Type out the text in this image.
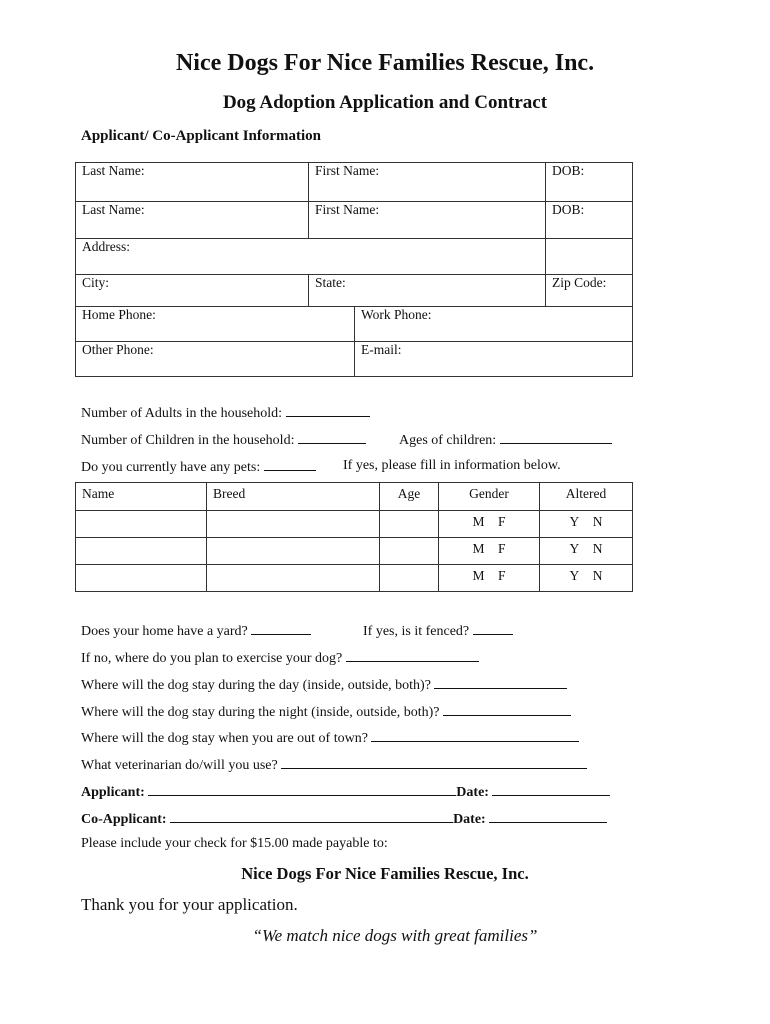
Nice Dogs For Nice Families Rescue, Inc.
Dog Adoption Application and Contract
Applicant/ Co-Applicant Information
Last Name:	First Name:	DOB:
Last Name:	First Name:	DOB:
Address:		
City:	State:	Zip Code:
Home Phone:	Work Phone:
Other Phone:	E-mail:
Number of Adults in the household:
Number of Children in the household:	Ages of children:
Do you currently have any pets:	If yes, please fill in information below.
Name	Breed	Age	Gender	Altered
			M F	Y N
			M F	Y N
			M F	Y N
Does your home have a yard?	If yes, is it fenced?
If no, where do you plan to exercise your dog?
Where will the dog stay during the day (inside, outside, both)?
Where will the dog stay during the night (inside, outside, both)?
Where will the dog stay when you are out of town?
What veterinarian do/will you use?
Applicant:	Date:
Co-Applicant:	Date:
Please include your check for $15.00 made payable to:
Nice Dogs For Nice Families Rescue, Inc.
Thank you for your application.
“We match nice dogs with great families”
